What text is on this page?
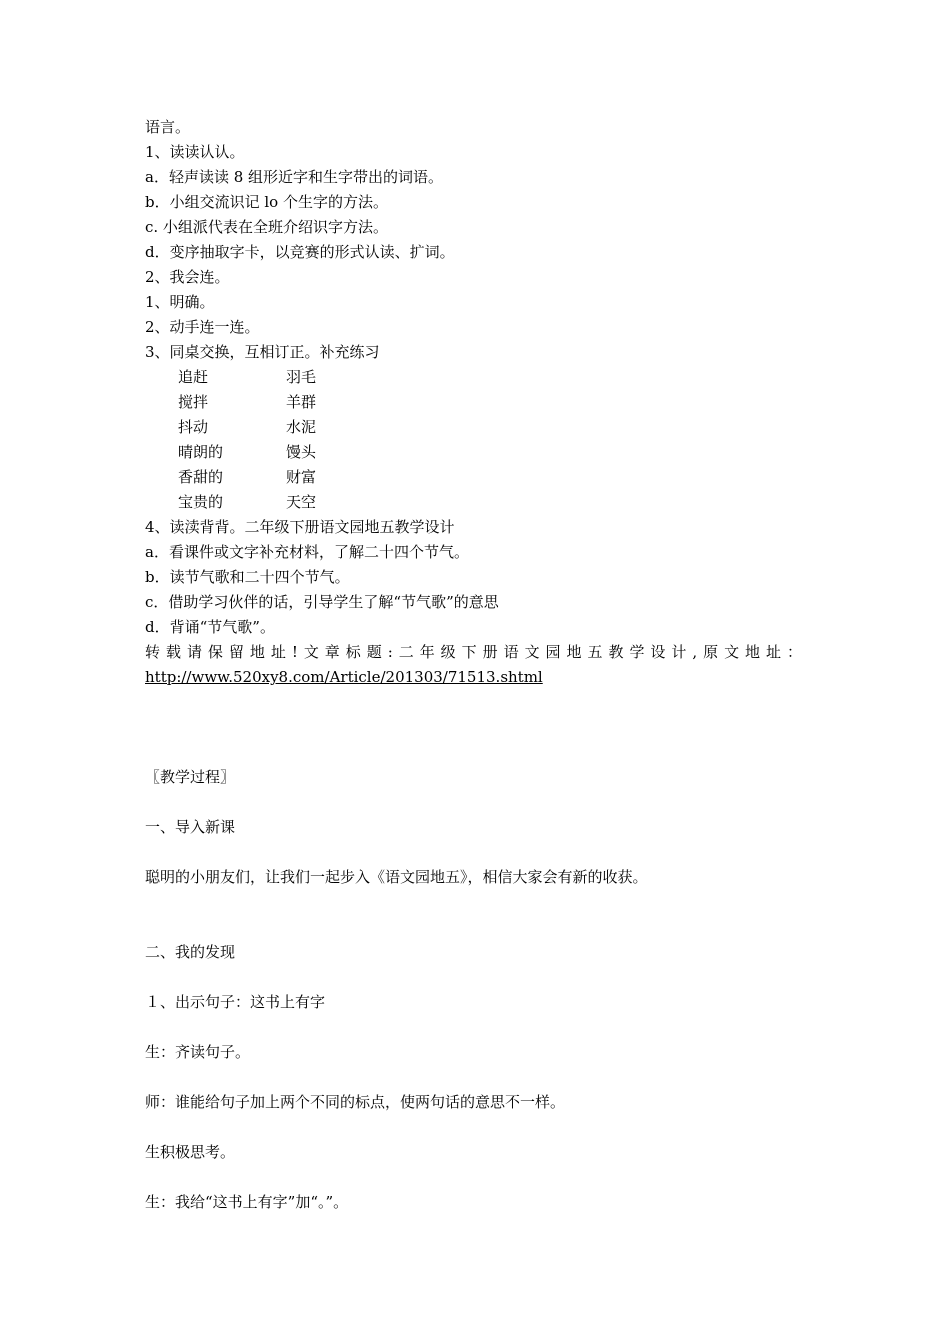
语言。

1、读读认认。

a．轻声读读 8 组形近字和生字带出的词语。

b．小组交流识记 lo 个生字的方法。

c. 小组派代表在全班介绍识字方法。

d．变序抽取字卡，以竞赛的形式认读、扩词。

2、我会连。

1、明确。

2、动手连一连。

3、同桌交换，互相订正。补充练习

追赶	羽毛
搅拌	羊群
抖动	水泥
晴朗的	馒头
香甜的	财富
宝贵的	天空

4、读渎背背。二年级下册语文园地五教学设计

a．看课件或文字补充材料，了解二十四个节气。

b．读节气歌和二十四个节气。

c．借助学习伙伴的话，引导学生了解“节气歌”的意思

d．背诵“节气歌”。

转载请保留地址!文章标题:二年级下册语文园地五教学设计,原文地址：
http://www.520xy8.com/Article/201303/71513.shtml

〖教学过程〗

一、导入新课

聪明的小朋友们，让我们一起步入《语文园地五》，相信大家会有新的收获。

二、我的发现

１、出示句子：这书上有字

生：齐读句子。

师：谁能给句子加上两个不同的标点，使两句话的意思不一样。

生积极思考。

生：我给“这书上有字”加“。”。
